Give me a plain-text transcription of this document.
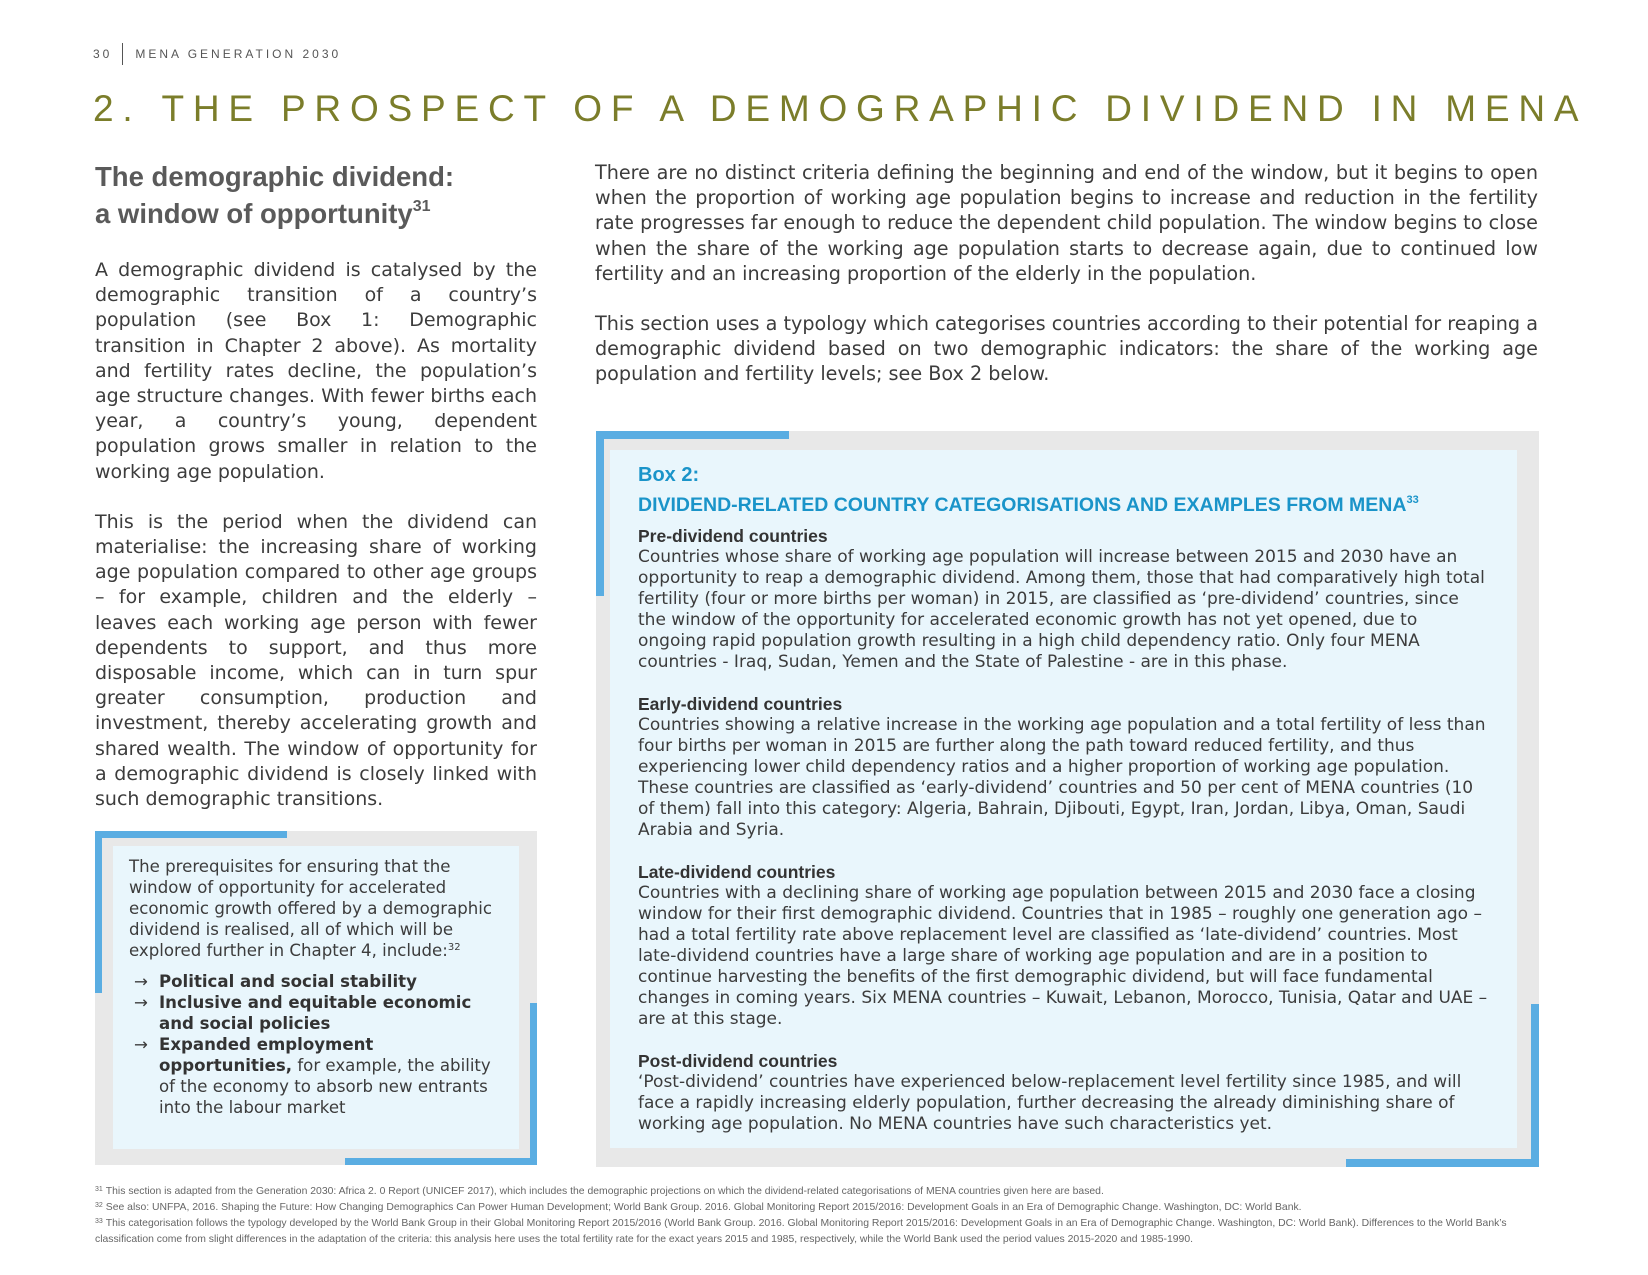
30 MENA GENERATION 2030
2. THE PROSPECT OF A DEMOGRAPHIC DIVIDEND IN MENA
The demographic dividend:
a window of opportunity$^{31}$

A demographic dividend is catalysed by the demographic transition of a country’s population (see Box 1: Demographic transition in Chapter 2 above). As mortality and fertility rates decline, the population’s age structure changes. With fewer births each year, a country’s young, dependent population grows smaller in relation to the working age population.

This is the period when the dividend can materialise: the increasing share of working age population compared to other age groups – for example, children and the elderly – leaves each working age person with fewer dependents to support, and thus more disposable income, which can in turn spur greater consumption, production and investment, thereby accelerating growth and shared wealth. The window of opportunity for a demographic dividend is closely linked with such demographic transitions.

There are no distinct criteria defining the beginning and end of the window, but it begins to open when the proportion of working age population begins to increase and reduction in the fertility rate progresses far enough to reduce the dependent child population. The window begins to close when the share of the working age population starts to decrease again, due to continued low fertility and an increasing proportion of the elderly in the population.

This section uses a typology which categorises countries according to their potential for reaping a demographic dividend based on two demographic indicators: the share of the working age population and fertility levels; see Box 2 below.

The prerequisites for ensuring that the window of opportunity for accelerated economic growth offered by a demographic dividend is realised, all of which will be explored further in Chapter 4, include:$^{32}$
→ Political and social stability
→ Inclusive and equitable economic and social policies
→ Expanded employment opportunities, for example, the ability of the economy to absorb new entrants into the labour market
Box 2:
DIVIDEND-RELATED COUNTRY CATEGORISATIONS AND EXAMPLES FROM MENA$^{33}$
Pre-dividend countries
Countries whose share of working age population will increase between 2015 and 2030 have an opportunity to reap a demographic dividend. Among them, those that had comparatively high total fertility (four or more births per woman) in 2015, are classified as ‘pre-dividend’ countries, since the window of the opportunity for accelerated economic growth has not yet opened, due to ongoing rapid population growth resulting in a high child dependency ratio. Only four MENA countries - Iraq, Sudan, Yemen and the State of Palestine - are in this phase.
Early-dividend countries
Countries showing a relative increase in the working age population and a total fertility of less than four births per woman in 2015 are further along the path toward reduced fertility, and thus experiencing lower child dependency ratios and a higher proportion of working age population. These countries are classified as ‘early-dividend’ countries and 50 per cent of MENA countries (10 of them) fall into this category: Algeria, Bahrain, Djibouti, Egypt, Iran, Jordan, Libya, Oman, Saudi Arabia and Syria.
Late-dividend countries
Countries with a declining share of working age population between 2015 and 2030 face a closing window for their first demographic dividend. Countries that in 1985 – roughly one generation ago – had a total fertility rate above replacement level are classified as ‘late-dividend’ countries. Most late-dividend countries have a large share of working age population and are in a position to continue harvesting the benefits of the first demographic dividend, but will face fundamental changes in coming years. Six MENA countries – Kuwait, Lebanon, Morocco, Tunisia, Qatar and UAE – are at this stage.
Post-dividend countries
‘Post-dividend’ countries have experienced below-replacement level fertility since 1985, and will face a rapidly increasing elderly population, further decreasing the already diminishing share of working age population. No MENA countries have such characteristics yet.

$^{31}$ This section is adapted from the Generation 2030: Africa 2. 0 Report (UNICEF 2017), which includes the demographic projections on which the dividend-related categorisations of MENA countries given here are based.

$^{32}$ See also: UNFPA, 2016. Shaping the Future: How Changing Demographics Can Power Human Development; World Bank Group. 2016. Global Monitoring Report 2015/2016: Development Goals in an Era of Demographic Change. Washington, DC: World Bank.

$^{33}$ This categorisation follows the typology developed by the World Bank Group in their Global Monitoring Report 2015/2016 (World Bank Group. 2016. Global Monitoring Report 2015/2016: Development Goals in an Era of Demographic Change. Washington, DC: World Bank). Differences to the World Bank’s classification come from slight differences in the adaptation of the criteria: this analysis here uses the total fertility rate for the exact years 2015 and 1985, respectively, while the World Bank used the period values 2015-2020 and 1985-1990.
